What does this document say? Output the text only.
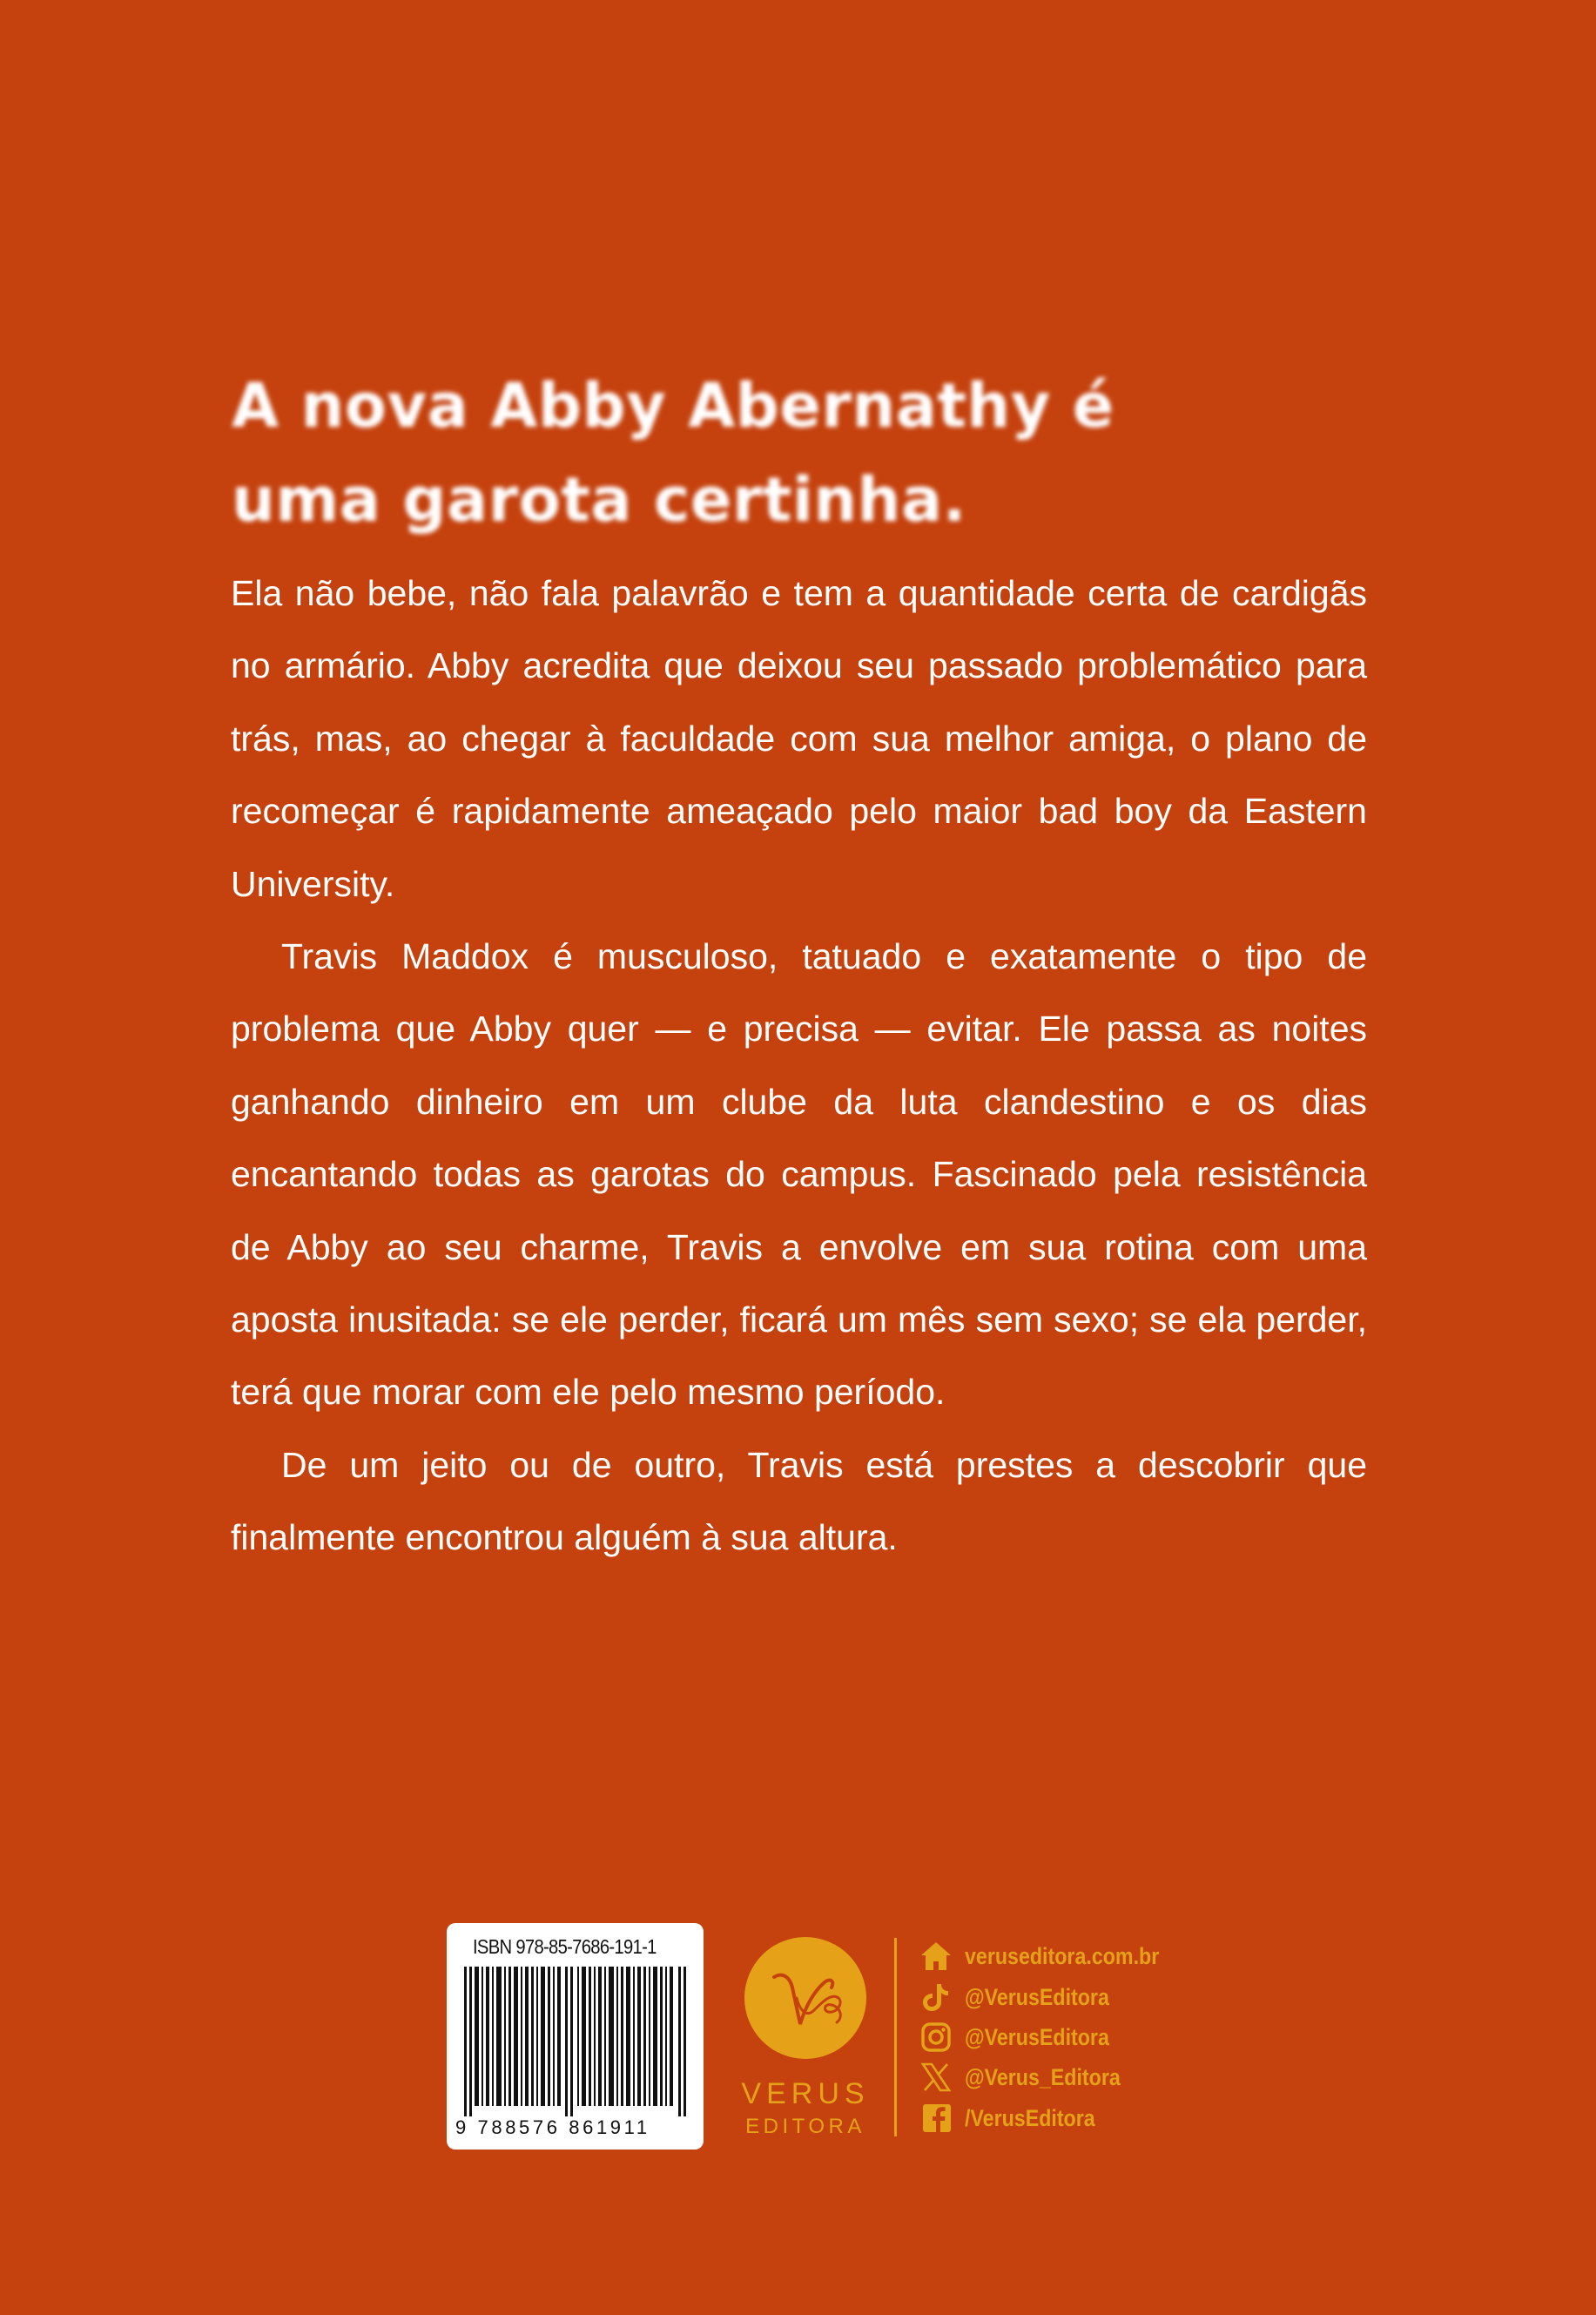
A nova Abby Abernathy é
uma garota certinha.

Ela não bebe, não fala palavrão e tem a quantidade certa de cardigãs no armário. Abby acredita que deixou seu passado problemático para trás, mas, ao chegar à faculdade com sua melhor amiga, o plano de recomeçar é rapidamente ameaçado pelo maior bad boy da Eastern University.

Travis Maddox é musculoso, tatuado e exatamente o tipo de problema que Abby quer — e precisa — evitar. Ele passa as noites ganhando dinheiro em um clube da luta clandestino e os dias encantando todas as garotas do campus. Fascinado pela resistência de Abby ao seu charme, Travis a envolve em sua rotina com uma aposta inusitada: se ele perder, ficará um mês sem sexo; se ela perder, terá que morar com ele pelo mesmo período.

De um jeito ou de outro, Travis está prestes a descobrir que finalmente encontrou alguém à sua altura.

ISBN 978-85-7686-191-1
9 788576 861911
VERUS
EDITORA
veruseditora.com.br
@VerusEditora
@VerusEditora
@Verus_Editora
/VerusEditora
